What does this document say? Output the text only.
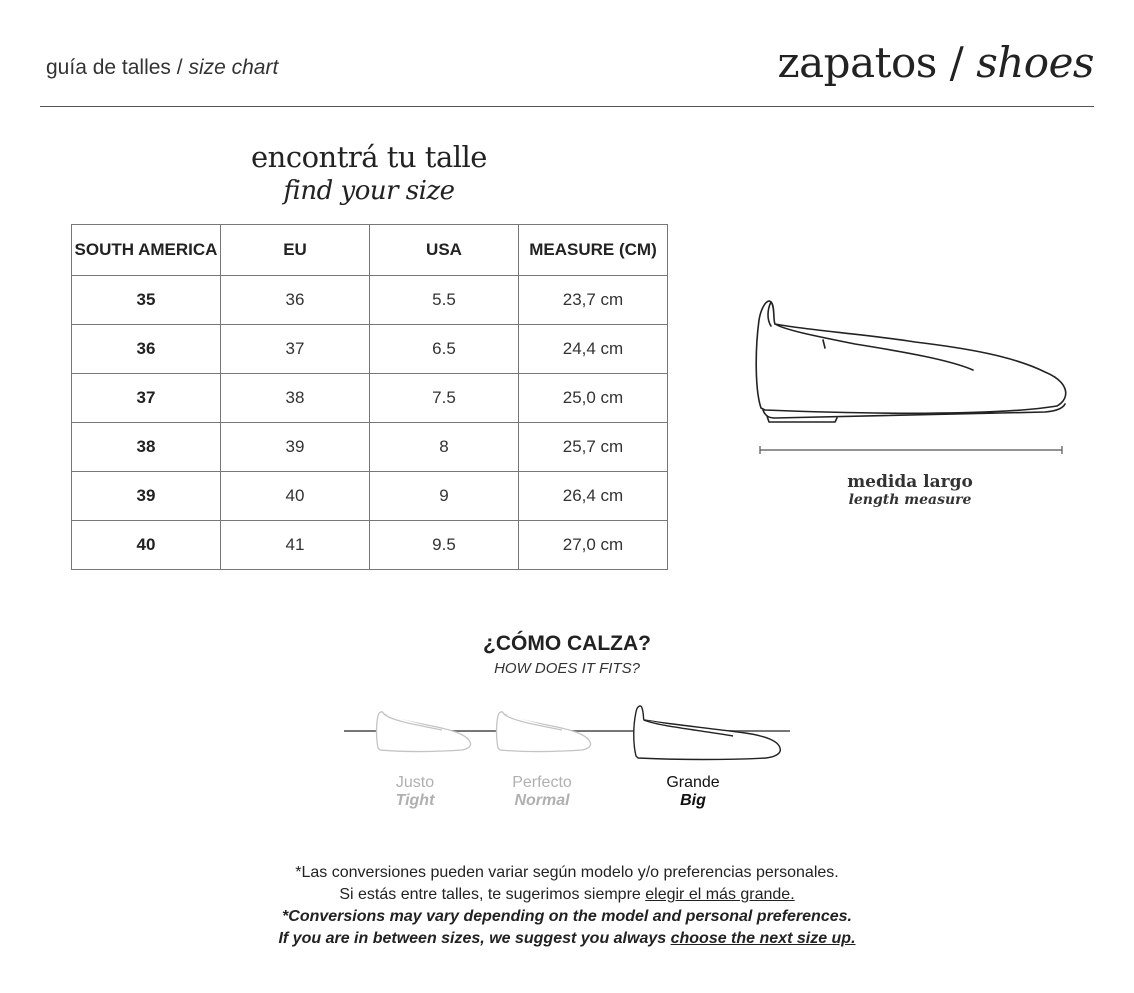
guía de talles / size chart	zapatos / shoes
encontrá tu talle
find your size
SOUTH AMERICA	EU	USA	MEASURE (CM)
35	36	5.5	23,7 cm
36	37	6.5	24,4 cm
37	38	7.5	25,0 cm
38	39	8	25,7 cm
39	40	9	26,4 cm
40	41	9.5	27,0 cm
medida largo
length measure
¿CÓMO CALZA?
HOW DOES IT FITS?
Justo
Tight
Perfecto
Normal
Grande
Big
*Las conversiones pueden variar según modelo y/o preferencias personales.
Si estás entre talles, te sugerimos siempre elegir el más grande.
*Conversions may vary depending on the model and personal preferences.
If you are in between sizes, we suggest you always choose the next size up.
